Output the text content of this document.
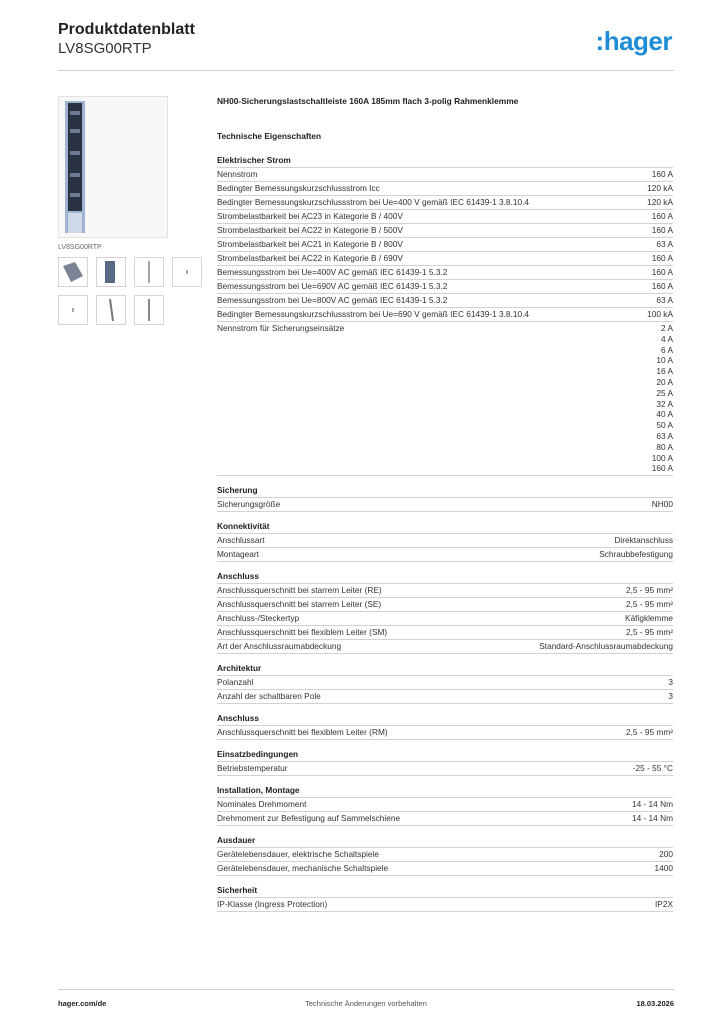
Produktdatenblatt
LV8SG00RTP	:hager
LV8SG00RTP
NH00-Sicherungslastschaltleiste 160A 185mm flach 3-polig Rahmenklemme
Technische Eigenschaften
Elektrischer Strom
Nennstrom	160 A
Bedingter Bemessungskurzschlussstrom Icc	120 kA
Bedingter Bemessungskurzschlussstrom bei Ue=400 V gemäß IEC 61439-1 3.8.10.4	120 kA
Strombelastbarkeit bei AC23 in Kategorie B / 400V	160 A
Strombelastbarkeit bei AC22 in Kategorie B / 500V	160 A
Strombelastbarkeit bei AC21 in Kategorie B / 800V	63 A
Strombelastbarkeit bei AC22 in Kategorie B / 690V	160 A
Bemessungsstrom bei Ue=400V AC gemäß IEC 61439-1 5.3.2	160 A
Bemessungsstrom bei Ue=690V AC gemäß IEC 61439-1 5.3.2	160 A
Bemessungsstrom bei Ue=800V AC gemäß IEC 61439-1 5.3.2	63 A
Bedingter Bemessungskurzschlussstrom bei Ue=690 V gemäß IEC 61439-1 3.8.10.4	100 kA
Nennstrom für Sicherungseinsätze	2 A
4 A
6 A
10 A
16 A
20 A
25 A
32 A
40 A
50 A
63 A
80 A
100 A
160 A
Sicherung
Sicherungsgröße	NH00
Konnektivität
Anschlussart	Direktanschluss
Montageart	Schraubbefestigung
Anschluss
Anschlussquerschnitt bei starrem Leiter (RE)	2,5 - 95 mm²
Anschlussquerschnitt bei starrem Leiter (SE)	2,5 - 95 mm²
Anschluss-/Steckertyp	Käfigklemme
Anschlussquerschnitt bei flexiblem Leiter (SM)	2,5 - 95 mm²
Art der Anschlussraumabdeckung	Standard-Anschlussraumabdeckung
Architektur
Polanzahl	3
Anzahl der schaltbaren Pole	3
Anschluss
Anschlussquerschnitt bei flexiblem Leiter (RM)	2,5 - 95 mm²
Einsatzbedingungen
Betriebstemperatur	-25 - 55 °C
Installation, Montage
Nominales Drehmoment	14 - 14 Nm
Drehmoment zur Befestigung auf Sammelschiene	14 - 14 Nm
Ausdauer
Gerätelebensdauer, elektrische Schaltspiele	200
Gerätelebensdauer, mechanische Schaltspiele	1400
Sicherheit
IP-Klasse (Ingress Protection)	IP2X
hager.com/de	Technische Änderungen vorbehalten	18.03.2026
